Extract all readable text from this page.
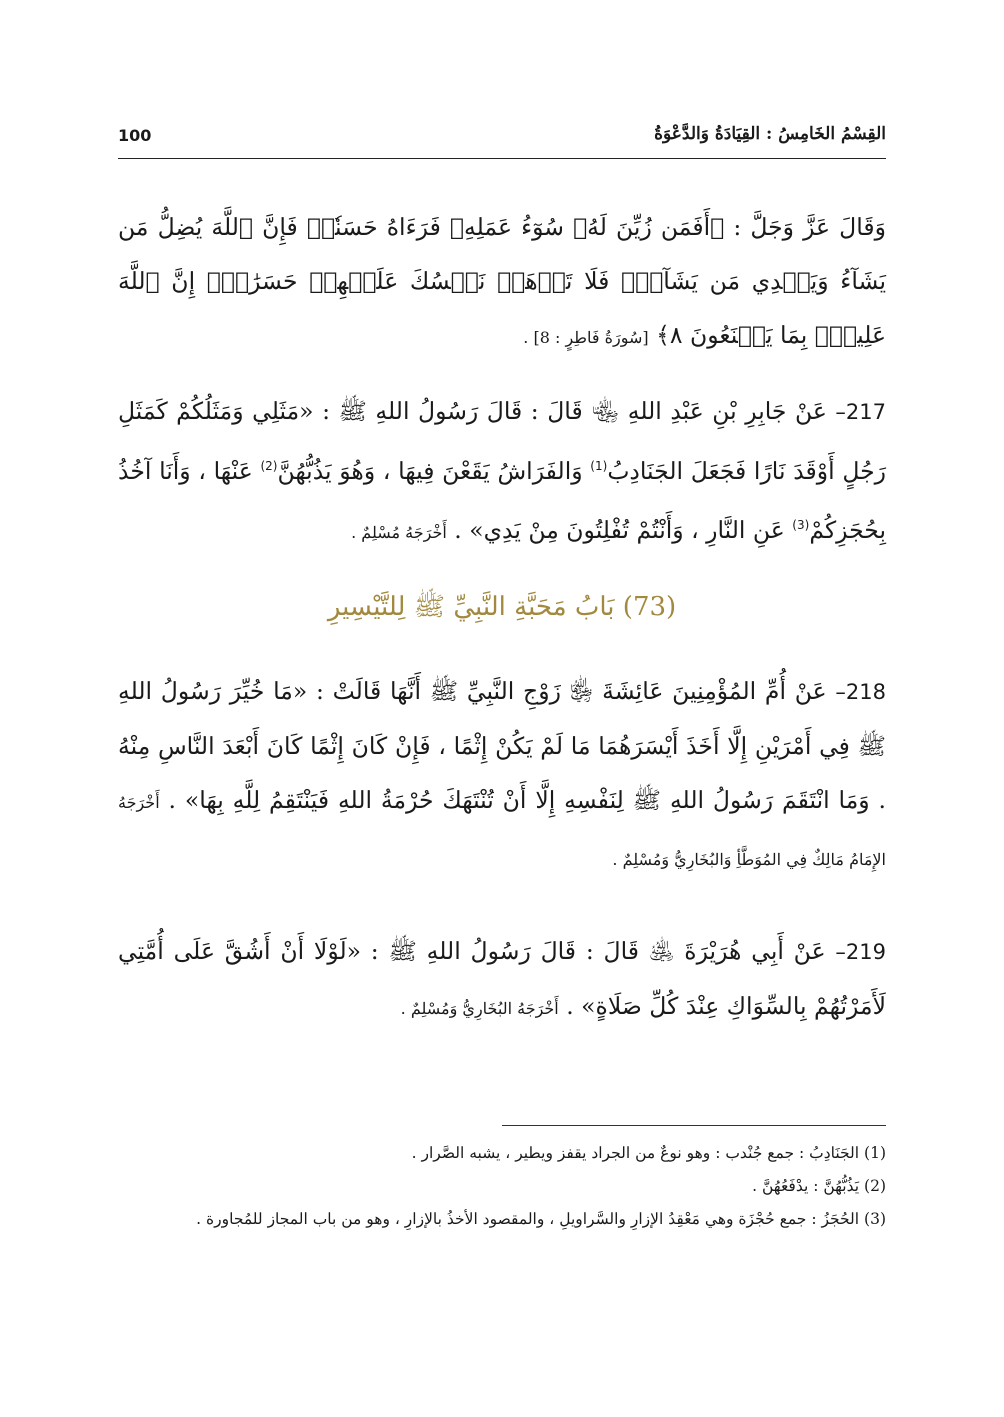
القِسْمُ الخَامِسُ : القِيَادَةُ وَالدَّعْوَةُ
100
وَقَالَ عَزَّ وَجَلَّ : ﴿أَفَمَن زُيِّنَ لَهُۥ سُوٓءُ عَمَلِهِۦ فَرَءَاهُ حَسَنٗاۖ فَإِنَّ ٱللَّهَ يُضِلُّ مَن يَشَآءُ وَيَهۡدِي مَن يَشَآءُۖ فَلَا تَذۡهَبۡ نَفۡسُكَ عَلَيۡهِمۡ حَسَرَٰتٍۚ إِنَّ ٱللَّهَ عَلِيمُۢ بِمَا يَصۡنَعُونَ ٨﴾ [سُورَةُ فَاطِرٍ : 8] .
217– عَنْ جَابِرِ بْنِ عَبْدِ اللهِ ﵄ قَالَ : قَالَ رَسُولُ اللهِ ﷺ : «مَثَلِي وَمَثَلُكُمْ كَمَثَلِ رَجُلٍ أَوْقَدَ نَارًا فَجَعَلَ الجَنَادِبُ$^{(1)}$ وَالفَرَاشُ يَقَعْنَ فِيهَا ، وَهُوَ يَذُبُّهُنَّ$^{(2)}$ عَنْهَا ، وَأَنَا آخُذُ بِحُجَزِكُمْ$^{(3)}$ عَنِ النَّارِ ، وَأَنْتُمْ تُفْلِتُونَ مِنْ يَدِي» . أَخْرَجَهُ مُسْلِمٌ .
(73) بَابُ مَحَبَّةِ النَّبِيِّ ﷺ لِلتَّيْسِيرِ
218– عَنْ أُمِّ المُؤْمِنِينَ عَائِشَةَ ﵂ زَوْجِ النَّبِيِّ ﷺ أَنَّهَا قَالَتْ : «مَا خُيِّرَ رَسُولُ اللهِ ﷺ فِي أَمْرَيْنِ إِلَّا أَخَذَ أَيْسَرَهُمَا مَا لَمْ يَكُنْ إِثْمًا ، فَإِنْ كَانَ إِثْمًا كَانَ أَبْعَدَ النَّاسِ مِنْهُ . وَمَا انْتَقَمَ رَسُولُ اللهِ ﷺ لِنَفْسِهِ إِلَّا أَنْ تُنْتَهَكَ حُرْمَةُ اللهِ فَيَنْتَقِمُ لِلَّهِ بِهَا» . أَخْرَجَهُ الإِمَامُ مَالِكٌ فِي المُوَطَّأِ وَالبُخَارِيُّ وَمُسْلِمٌ .
219– عَنْ أَبِي هُرَيْرَةَ ﵁ قَالَ : قَالَ رَسُولُ اللهِ ﷺ : «لَوْلَا أَنْ أَشُقَّ عَلَى أُمَّتِي لَأَمَرْتُهُمْ بِالسِّوَاكِ عِنْدَ كُلِّ صَلَاةٍ» . أَخْرَجَهُ البُخَارِيُّ وَمُسْلِمٌ .

(1) الجَنَادِبُ : جمع جُنْدب : وهو نوعٌ من الجراد يقفز ويطير ، يشبه الصَّرار .

(2) يَذُبُّهُنَّ : يدْفَعُهُنَّ .

(3) الحُجَزُ : جمع حُجْزَة وهي مَعْقِدُ الإزارِ والسَّراويلِ ، والمقصود الأخذُ بالإزارِ ، وهو من باب المجاز للمُجاورة .
